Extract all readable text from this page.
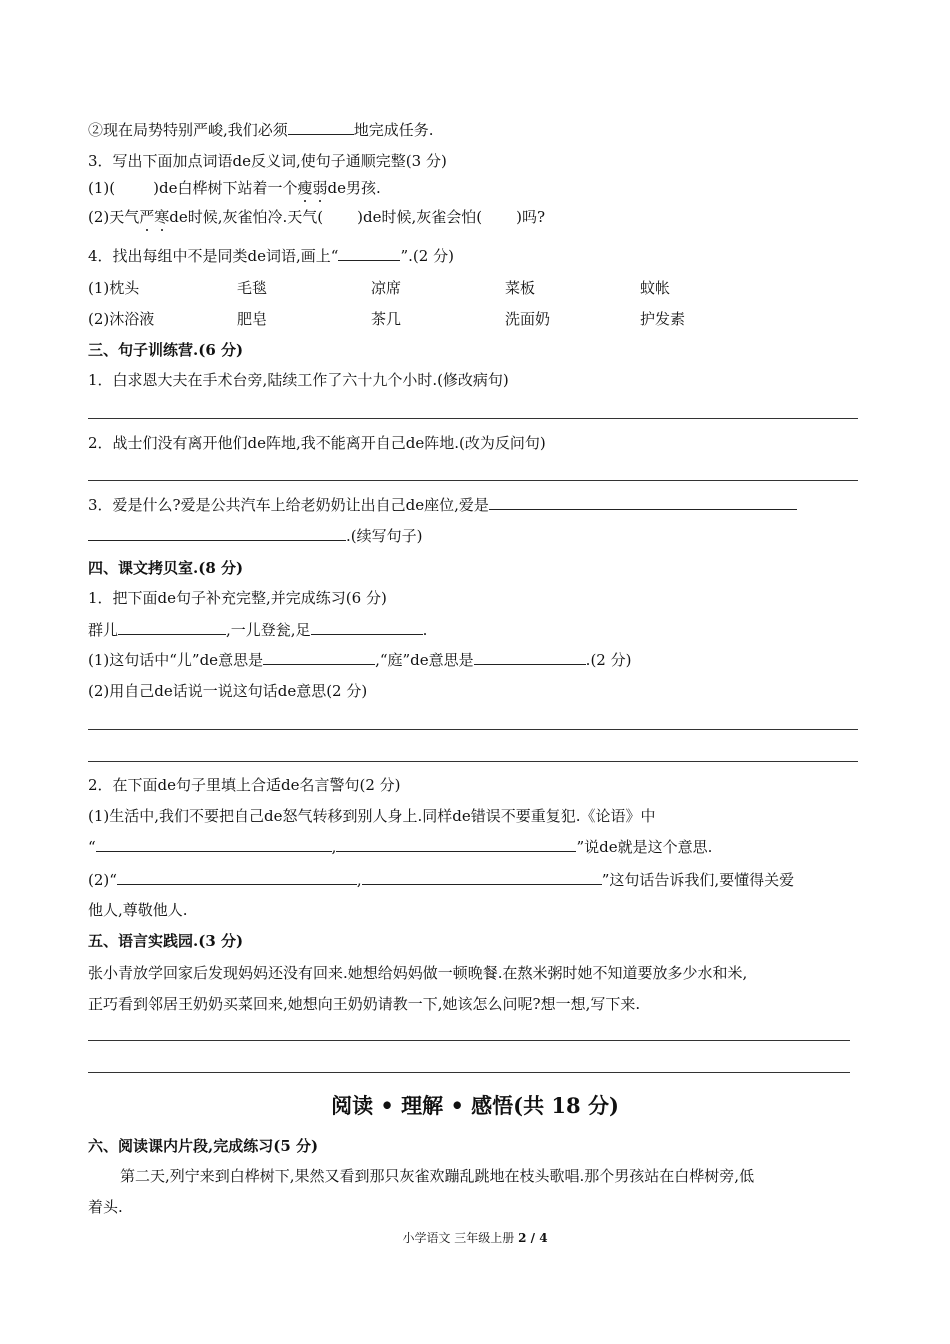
②现在局势特别严峻,我们必须	地完成任务.
3．写出下面加点词语de反义词,使句子通顺完整(3 分)
(1)(	)de白桦树下站着一个瘦弱de男孩.
(2)天气严寒de时候,灰雀怕冷.天气( )de时候,灰雀会怕( )吗?
4．找出每组中不是同类de词语,画上“	”.(2 分)
(1)枕头	毛毯	凉席	菜板	蚊帐
(2)沐浴液	肥皂	茶几	洗面奶	护发素
三、句子训练营.(6 分)
1．白求恩大夫在手术台旁,陆续工作了六十九个小时.(修改病句)
2．战士们没有离开他们de阵地,我不能离开自己de阵地.(改为反问句)
3．爱是什么?爱是公共汽车上给老奶奶让出自己de座位,爱是
.(续写句子)
四、课文拷贝室.(8 分)
1．把下面de句子补充完整,并完成练习(6 分)
群儿	,一儿登瓮,足	.
(1)这句话中“儿”de意思是	,“庭”de意思是	.(2 分)
(2)用自己de话说一说这句话de意思(2 分)
2．在下面de句子里填上合适de名言警句(2 分)
(1)生活中,我们不要把自己de怒气转移到别人身上.同样de错误不要重复犯.《论语》中
“	,	”说de就是这个意思.
(2)“	,	”这句话告诉我们,要懂得关爱
他人,尊敬他人.
五、语言实践园.(3 分)
张小青放学回家后发现妈妈还没有回来.她想给妈妈做一顿晚餐.在熬米粥时她不知道要放多少水和米,
正巧看到邻居王奶奶买菜回来,她想向王奶奶请教一下,她该怎么问呢?想一想,写下来.
阅读 • 理解 • 感悟(共 18 分)
六、阅读课内片段,完成练习(5 分)
第二天,列宁来到白桦树下,果然又看到那只灰雀欢蹦乱跳地在枝头歌唱.那个男孩站在白桦树旁,低
着头.
小学语文 三年级上册 2 / 4
